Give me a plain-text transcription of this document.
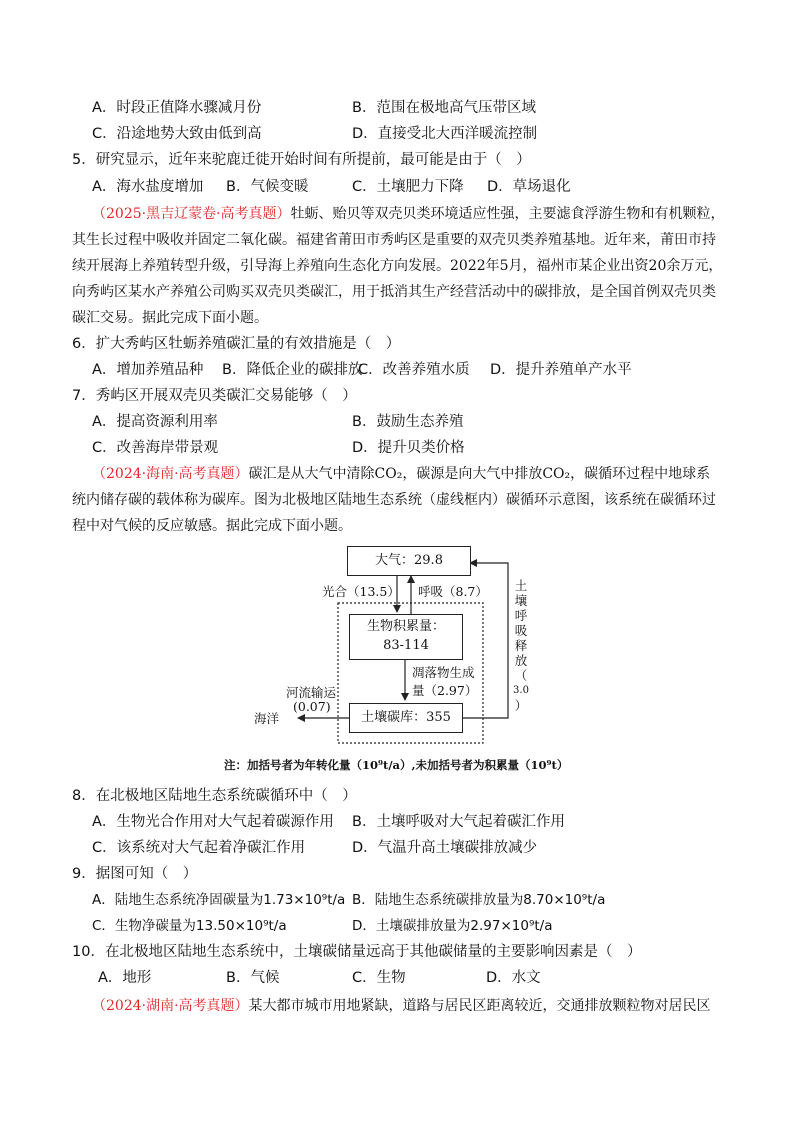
A．时段正值降水骤减月份	B．范围在极地高气压带区域
C．沿途地势大致由低到高	D．直接受北大西洋暖流控制
5．研究显示，近年来驼鹿迁徙开始时间有所提前，最可能是由于（　）
A．海水盐度增加 B．气候变暖	C．土壤肥力下降 D．草场退化
（2025·黑吉辽蒙卷·高考真题）牡蛎、贻贝等双壳贝类环境适应性强，主要滤食浮游生物和有机颗粒，
其生长过程中吸收并固定二氧化碳。福建省莆田市秀屿区是重要的双壳贝类养殖基地。近年来，莆田市持
续开展海上养殖转型升级，引导海上养殖向生态化方向发展。2022年5月，福州市某企业出资20余万元，
向秀屿区某水产养殖公司购买双壳贝类碳汇，用于抵消其生产经营活动中的碳排放，是全国首例双壳贝类
碳汇交易。据此完成下面小题。
6．扩大秀屿区牡蛎养殖碳汇量的有效措施是（　）
A．增加养殖品种 B．降低企业的碳排放
C．改善养殖水质 D．提升养殖单产水平
7．秀屿区开展双壳贝类碳汇交易能够（　）
A．提高资源利用率	B．鼓励生态养殖
C．改善海岸带景观	D．提升贝类价格
（2024·海南·高考真题）碳汇是从大气中清除CO₂，碳源是向大气中排放CO₂，碳循环过程中地球系
统内储存碳的载体称为碳库。图为北极地区陆地生态系统（虚线框内）碳循环示意图，该系统在碳循环过
程中对气候的反应敏感。据此完成下面小题。
大气：29.8
生物积累量：
83-114
土壤碳库：355
光合（13.5） 呼吸（8.7）
凋落物生成
量（2.97）
河流输运
(0.07)
海洋
土
壤
呼
吸
释
放
（
3.0
）
注：加括号者为年转化量（10⁹t/a）,未加括号者为积累量（10⁹t）
8．在北极地区陆地生态系统碳循环中（　）
A．生物光合作用对大气起着碳源作用 B．土壤呼吸对大气起着碳汇作用
C．该系统对大气起着净碳汇作用	D．气温升高土壤碳排放减少
9．据图可知（　）
A．陆地生态系统净固碳量为1.73×10⁹t/a B．陆地生态系统碳排放量为8.70×10⁹t/a
C．生物净碳量为13.50×10⁹t/a	D．土壤碳排放量为2.97×10⁹t/a
10．在北极地区陆地生态系统中，土壤碳储量远高于其他碳储量的主要影响因素是（　）
A．地形	B．气候	C．生物	D．水文
（2024·湖南·高考真题）某大都市城市用地紧缺，道路与居民区距离较近，交通排放颗粒物对居民区
